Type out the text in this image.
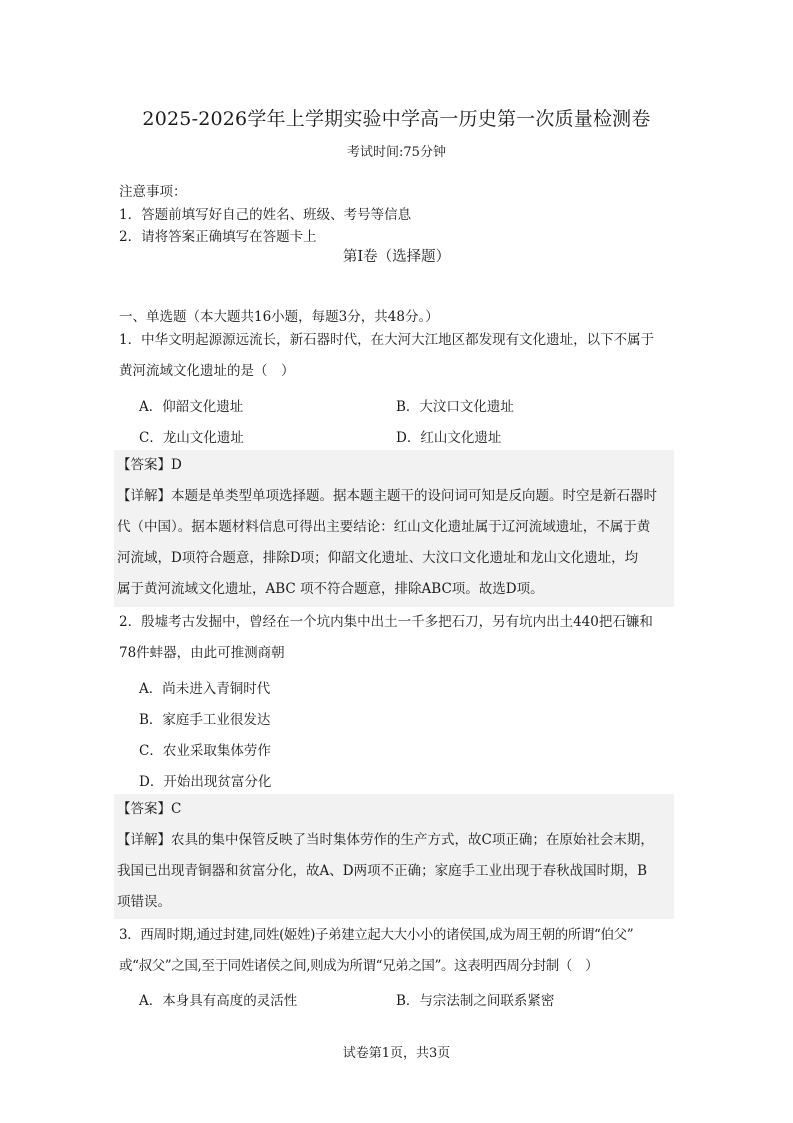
2025-2026学年上学期实验中学高一历史第一次质量检测卷
考试时间:75分钟
注意事项：
1．答题前填写好自己的姓名、班级、考号等信息
2．请将答案正确填写在答题卡上
第I卷（选择题）
一、单选题（本大题共16小题，每题3分，共48分。）
1．中华文明起源源远流长，新石器时代，在大河大江地区都发现有文化遗址，以下不属于
黄河流域文化遗址的是（　）
A．仰韶文化遗址	B．大汶口文化遗址
C．龙山文化遗址	D．红山文化遗址
【答案】D
【详解】本题是单类型单项选择题。据本题主题干的设问词可知是反向题。时空是新石器时
代（中国）。据本题材料信息可得出主要结论：红山文化遗址属于辽河流域遗址，不属于黄
河流域，D项符合题意，排除D项；仰韶文化遗址、大汶口文化遗址和龙山文化遗址，均
属于黄河流域文化遗址，ABC 项不符合题意，排除ABC项。故选D项。
2．殷墟考古发掘中，曾经在一个坑内集中出土一千多把石刀，另有坑内出土440把石镰和
78件蚌器，由此可推测商朝
A．尚未进入青铜时代
B．家庭手工业很发达
C．农业采取集体劳作
D．开始出现贫富分化
【答案】C
【详解】农具的集中保管反映了当时集体劳作的生产方式，故C项正确；在原始社会末期，
我国已出现青铜器和贫富分化，故A、D两项不正确；家庭手工业出现于春秋战国时期，B
项错误。
3．西周时期,通过封建,同姓(姬姓)子弟建立起大大小小的诸侯国,成为周王朝的所谓“伯父”
或“叔父”之国,至于同姓诸侯之间,则成为所谓“兄弟之国”。这表明西周分封制（　）
A．本身具有高度的灵活性	B．与宗法制之间联系紧密
试卷第1页，共3页
